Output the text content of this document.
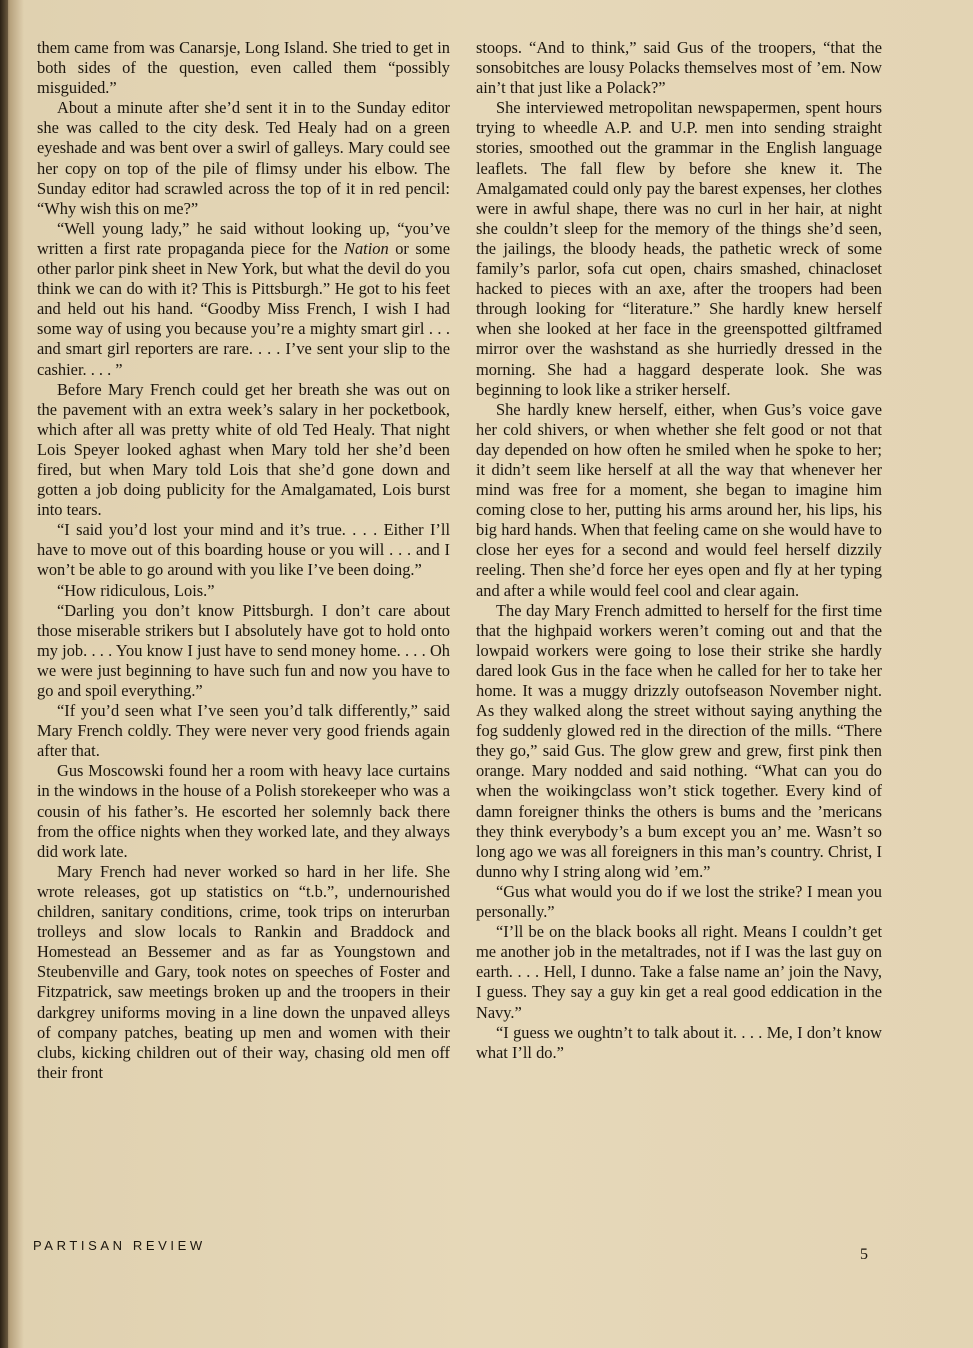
them came from was Canarsje, Long Island. She tried to get in both sides of the question, even called them “possibly misguided.”

About a minute after she’d sent it in to the Sunday editor she was called to the city desk. Ted Healy had on a green eyeshade and was bent over a swirl of galleys. Mary could see her copy on top of the pile of flimsy under his elbow. The Sunday editor had scrawled across the top of it in red pencil: “Why wish this on me?”

“Well young lady,” he said without looking up, “you’ve written a first rate propaganda piece for the Nation or some other parlor pink sheet in New York, but what the devil do you think we can do with it? This is Pittsburgh.” He got to his feet and held out his hand. “Goodby Miss French, I wish I had some way of using you because you’re a mighty smart girl . . . and smart girl reporters are rare. . . . I’ve sent your slip to the cashier. . . . ”

Before Mary French could get her breath she was out on the pavement with an extra week’s salary in her pocketbook, which after all was pretty white of old Ted Healy. That night Lois Speyer looked aghast when Mary told her she’d been fired, but when Mary told Lois that she’d gone down and gotten a job doing publicity for the Amalgamated, Lois burst into tears.

“I said you’d lost your mind and it’s true. . . . Either I’ll have to move out of this boarding house or you will . . . and I won’t be able to go around with you like I’ve been doing.”

“How ridiculous, Lois.”

“Darling you don’t know Pittsburgh. I don’t care about those miserable strikers but I absolutely have got to hold onto my job. . . . You know I just have to send money home. . . . Oh we were just beginning to have such fun and now you have to go and spoil everything.”

“If you’d seen what I’ve seen you’d talk differently,” said Mary French coldly. They were never very good friends again after that.

Gus Moscowski found her a room with heavy lace curtains in the windows in the house of a Polish storekeeper who was a cousin of his father’s. He escorted her solemnly back there from the office nights when they worked late, and they always did work late.

Mary French had never worked so hard in her life. She wrote releases, got up statistics on “t.b.”, undernourished children, sanitary conditions, crime, took trips on interurban trolleys and slow locals to Rankin and Braddock and Homestead an Bessemer and as far as Youngstown and Steubenville and Gary, took notes on speeches of Foster and Fitzpatrick, saw meetings broken up and the troopers in their darkgrey uniforms moving in a line down the unpaved alleys of company patches, beating up men and women with their clubs, kicking children out of their way, chasing old men off their front

stoops. “And to think,” said Gus of the troopers, “that the sonsobitches are lousy Polacks themselves most of ’em. Now ain’t that just like a Polack?”

She interviewed metropolitan newspapermen, spent hours trying to wheedle A.P. and U.P. men into sending straight stories, smoothed out the grammar in the English language leaflets. The fall flew by before she knew it. The Amalgamated could only pay the barest expenses, her clothes were in awful shape, there was no curl in her hair, at night she couldn’t sleep for the memory of the things she’d seen, the jailings, the bloody heads, the pathetic wreck of some family’s parlor, sofa cut open, chairs smashed, chinacloset hacked to pieces with an axe, after the troopers had been through looking for “literature.” She hardly knew herself when she looked at her face in the greenspotted giltframed mirror over the washstand as she hurriedly dressed in the morning. She had a haggard desperate look. She was beginning to look like a striker herself.

She hardly knew herself, either, when Gus’s voice gave her cold shivers, or when whether she felt good or not that day depended on how often he smiled when he spoke to her; it didn’t seem like herself at all the way that whenever her mind was free for a moment, she began to imagine him coming close to her, putting his arms around her, his lips, his big hard hands. When that feeling came on she would have to close her eyes for a second and would feel herself dizzily reeling. Then she’d force her eyes open and fly at her typing and after a while would feel cool and clear again.

The day Mary French admitted to herself for the first time that the highpaid workers weren’t coming out and that the lowpaid workers were going to lose their strike she hardly dared look Gus in the face when he called for her to take her home. It was a muggy drizzly outofseason November night. As they walked along the street without saying anything the fog suddenly glowed red in the direction of the mills. “There they go,” said Gus. The glow grew and grew, first pink then orange. Mary nodded and said nothing. “What can you do when the woikingclass won’t stick together. Every kind of damn foreigner thinks the others is bums and the ’mericans they think everybody’s a bum except you an’ me. Wasn’t so long ago we was all foreigners in this man’s country. Christ, I dunno why I string along wid ’em.”

“Gus what would you do if we lost the strike? I mean you personally.”

“I’ll be on the black books all right. Means I couldn’t get me another job in the metaltrades, not if I was the last guy on earth. . . . Hell, I dunno. Take a false name an’ join the Navy, I guess. They say a guy kin get a real good eddication in the Navy.”

“I guess we oughtn’t to talk about it. . . . Me, I don’t know what I’ll do.”

PARTISAN REVIEW
5
